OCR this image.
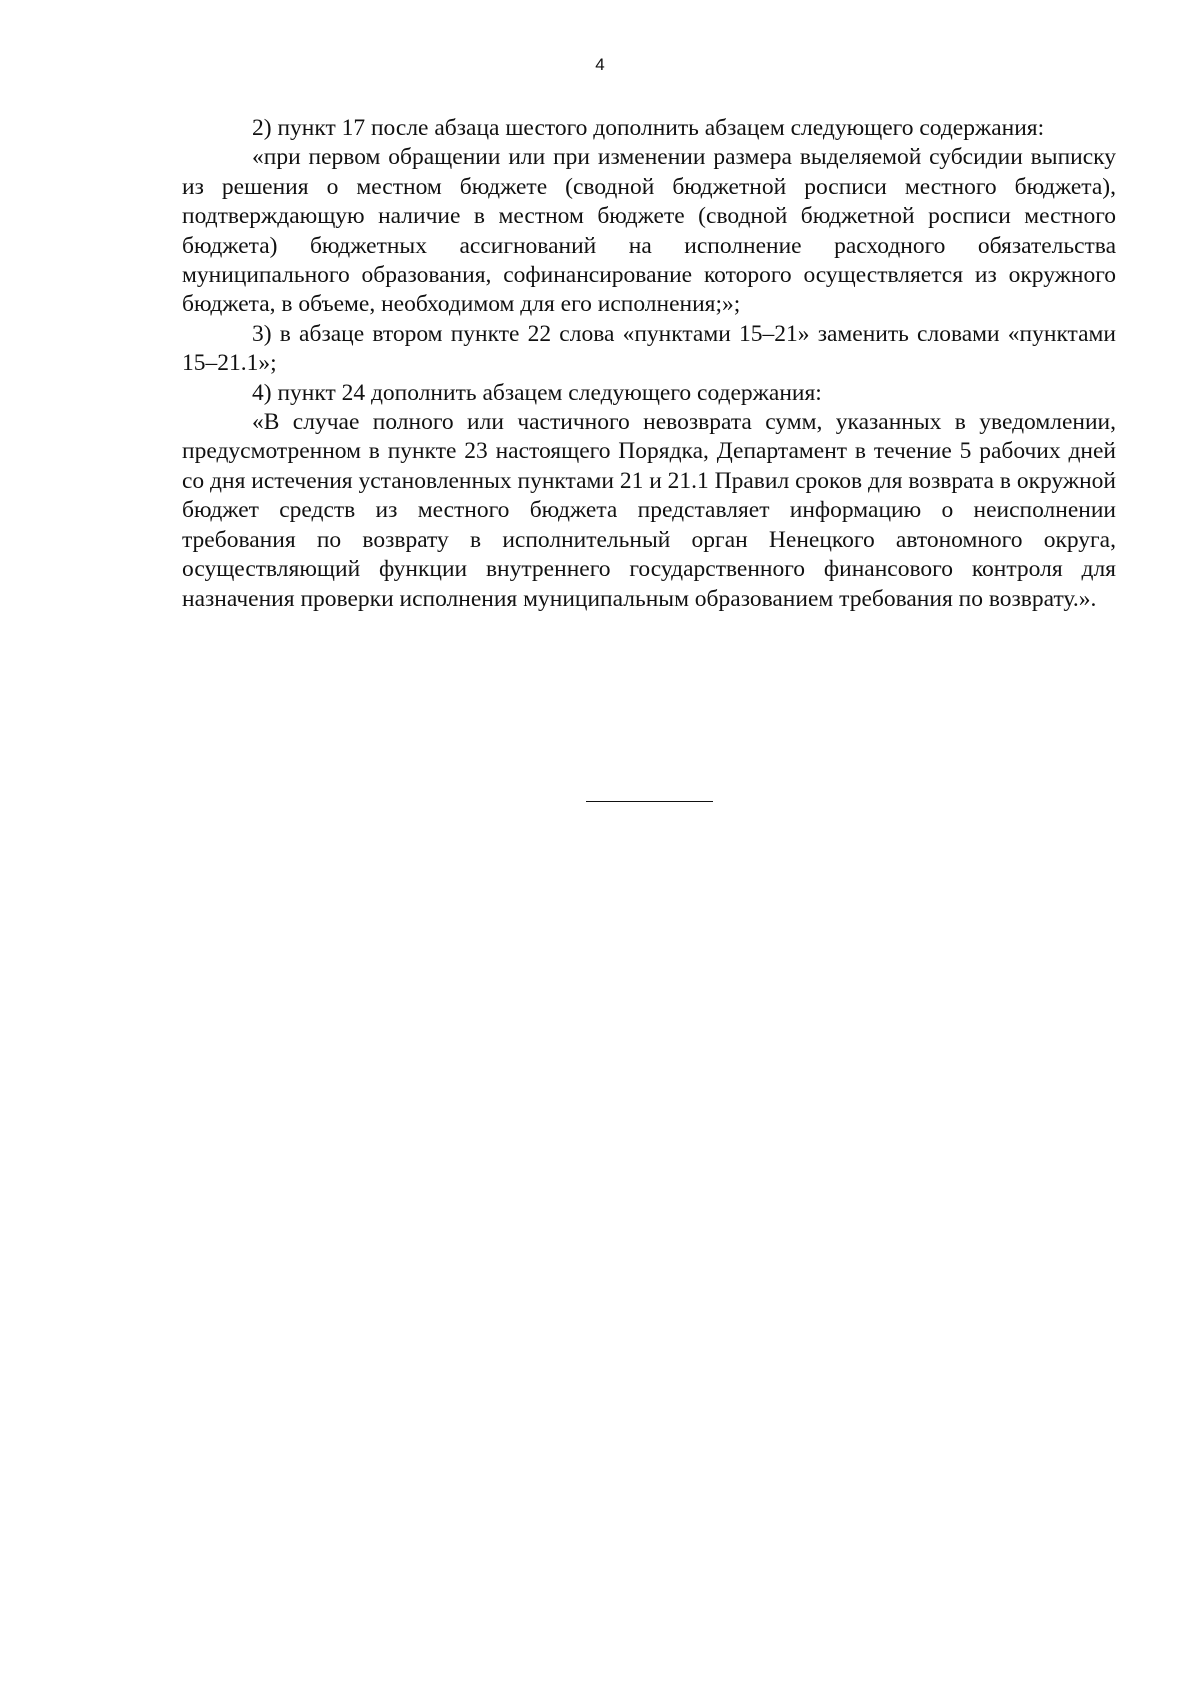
4

2) пункт 17 после абзаца шестого дополнить абзацем следующего содержания:

«при первом обращении или при изменении размера выделяемой субсидии выписку из решения о местном бюджете (сводной бюджетной росписи местного бюджета), подтверждающую наличие в местном бюджете (сводной бюджетной росписи местного бюджета) бюджетных ассигнований на исполнение расходного обязательства муниципального образования, софинансирование которого осуществляется из окружного бюджета, в объеме, необходимом для его исполнения;»;

3) в абзаце втором пункте 22 слова «пунктами 15–21» заменить словами «пунктами 15–21.1»;

4) пункт 24 дополнить абзацем следующего содержания:

«В случае полного или частичного невозврата сумм, указанных в уведомлении, предусмотренном в пункте 23 настоящего Порядка, Департамент в течение 5 рабочих дней со дня истечения установленных пунктами 21 и 21.1 Правил сроков для возврата в окружной бюджет средств из местного бюджета представляет информацию о неисполнении требования по возврату в исполнительный орган Ненецкого автономного округа, осуществляющий функции внутреннего государственного финансового контроля для назначения проверки исполнения муниципальным образованием требования по возврату.».
